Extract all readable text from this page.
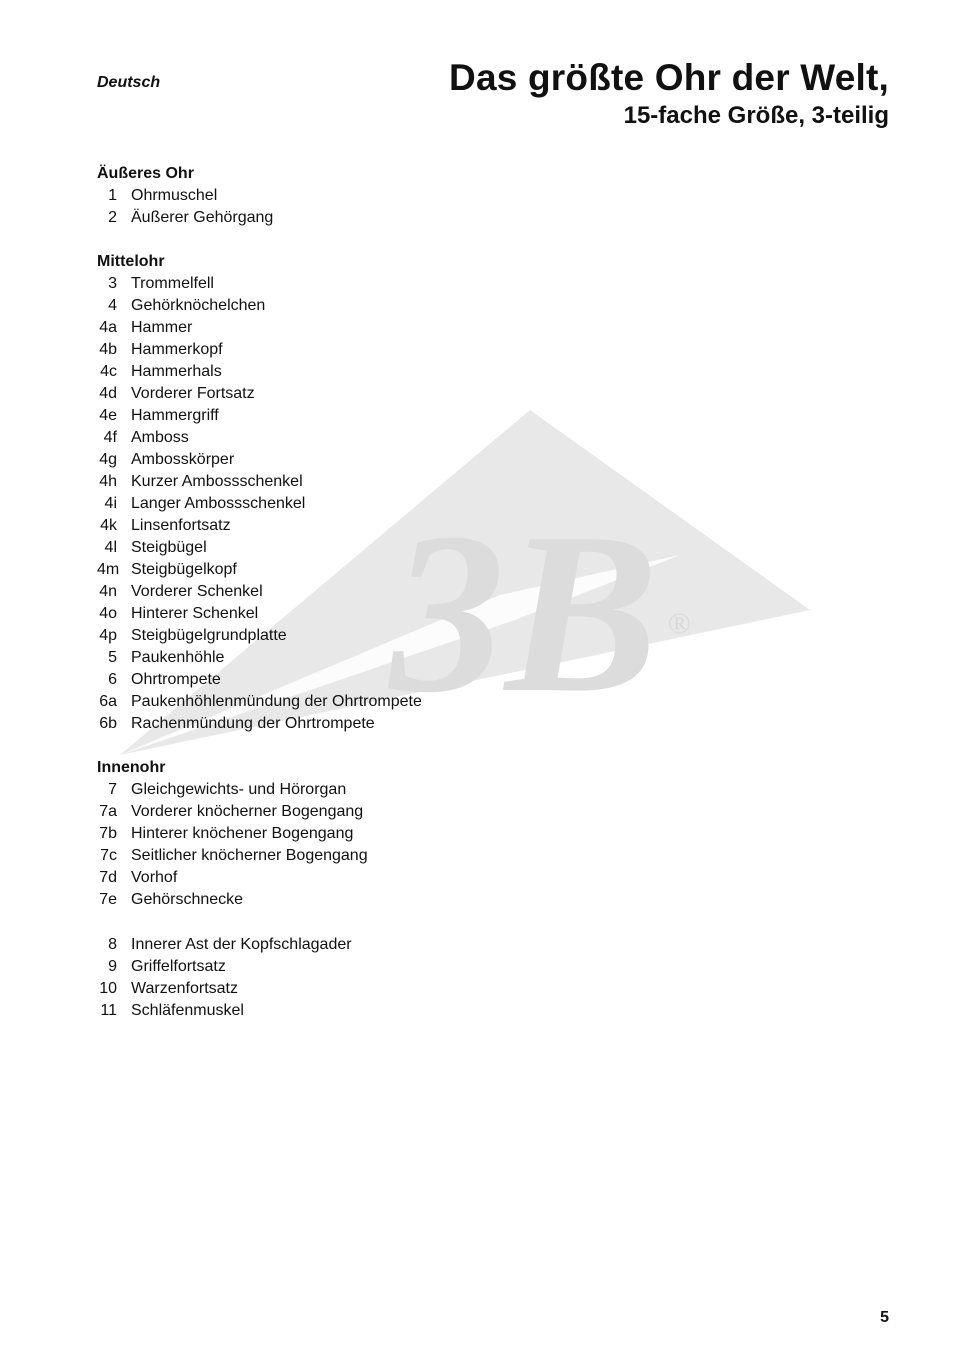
3B ®
Deutsch	Das größte Ohr der Welt,
15-fache Größe, 3-teilig
Äußeres Ohr
1 Ohrmuschel
2 Äußerer Gehörgang
Mittelohr
3 Trommelfell
4 Gehörknöchelchen
4a Hammer
4b Hammerkopf
4c Hammerhals
4d Vorderer Fortsatz
4e Hammergriff
4f Amboss
4g Ambosskörper
4h Kurzer Ambossschenkel
4i Langer Ambossschenkel
4k Linsenfortsatz
4l Steigbügel
4m Steigbügelkopf
4n Vorderer Schenkel
4o Hinterer Schenkel
4p Steigbügelgrundplatte
5 Paukenhöhle
6 Ohrtrompete
6a Paukenhöhlenmündung der Ohrtrompete
6b Rachenmündung der Ohrtrompete
Innenohr
7 Gleichgewichts- und Hörorgan
7a Vorderer knöcherner Bogengang
7b Hinterer knöchener Bogengang
7c Seitlicher knöcherner Bogengang
7d Vorhof
7e Gehörschnecke
8 Innerer Ast der Kopfschlagader
9 Griffelfortsatz
10 Warzenfortsatz
11 Schläfenmuskel
5
